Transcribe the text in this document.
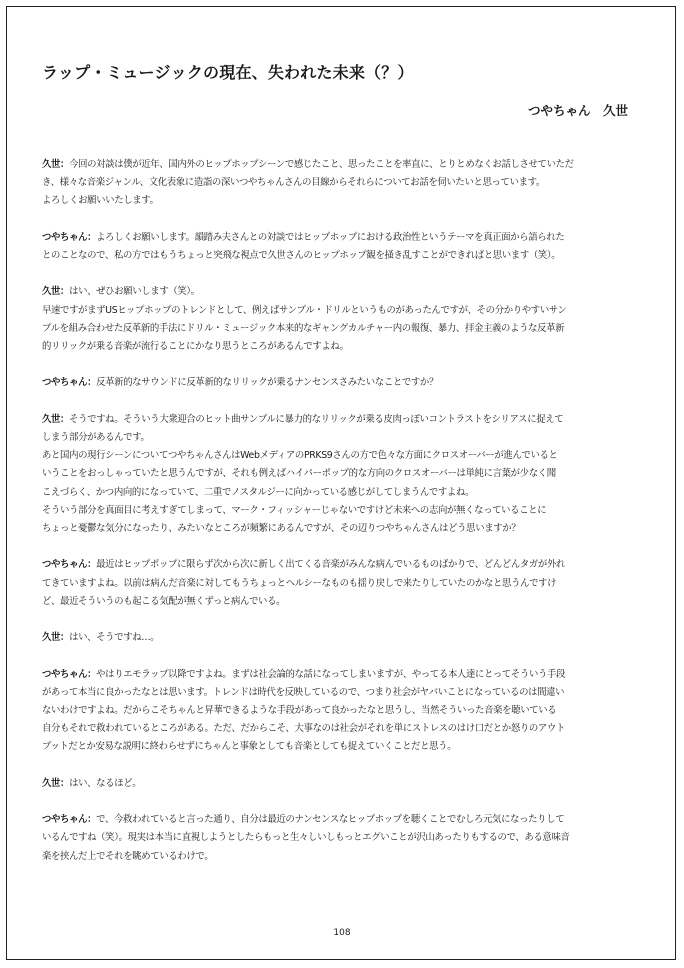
ラップ・ミュージックの現在、失われた未来（？）

つやちゃん　久世

久世：今回の対談は僕が近年、国内外のヒップホップシーンで感じたこと、思ったことを率直に、とりとめなくお話しさせていただ
き、様々な音楽ジャンル、文化表象に造詣の深いつやちゃんさんの目線からそれらについてお話を伺いたいと思っています。
よろしくお願いいたします。

つやちゃん：よろしくお願いします。韻踏み夫さんとの対談ではヒップホップにおける政治性というテーマを真正面から語られた
とのことなので、私の方ではもうちょっと突飛な視点で久世さんのヒップホップ観を掻き乱すことができればと思います（笑）。

久世：はい、ぜひお願いします（笑）。
早速ですがまずUSヒップホップのトレンドとして、例えばサンプル・ドリルというものがあったんですが、その分かりやすいサン
プルを組み合わせた反革新的手法にドリル・ミュージック本来的なギャングカルチャー内の報復、暴力、拝金主義のような反革新
的リリックが乗る音楽が流行ることにかなり思うところがあるんですよね。

つやちゃん：反革新的なサウンドに反革新的なリリックが乗るナンセンスさみたいなことですか？

久世：そうですね。そういう大衆迎合のヒット曲サンプルに暴力的なリリックが乗る皮肉っぽいコントラストをシリアスに捉えて
しまう部分があるんです。
あと国内の現行シーンについてつやちゃんさんはWebメディアのPRKS9さんの方で色々な方面にクロスオーバーが進んでいると
いうことをおっしゃっていたと思うんですが、それも例えばハイパーポップ的な方向のクロスオーバーは単純に言葉が少なく聞
こえづらく、かつ内向的になっていて、二重でノスタルジーに向かっている感じがしてしまうんですよね。
そういう部分を真面目に考えすぎてしまって、マーク・フィッシャーじゃないですけど未来への志向が無くなっていることに
ちょっと憂鬱な気分になったり、みたいなところが頻繁にあるんですが、その辺りつやちゃんさんはどう思いますか？

つやちゃん：最近はヒップポップに限らず次から次に新しく出てくる音楽がみんな病んでいるものばかりで、どんどんタガが外れ
てきていますよね。以前は病んだ音楽に対してもうちょっとヘルシーなものも揺り戻しで来たりしていたのかなと思うんですけ
ど、最近そういうのも起こる気配が無くずっと病んでいる。

久世：はい、そうですね…。

つやちゃん：やはりエモラップ以降ですよね。まずは社会論的な話になってしまいますが、やってる本人達にとってそういう手段
があって本当に良かったなとは思います。トレンドは時代を反映しているので、つまり社会がヤバいことになっているのは間違い
ないわけですよね。だからこそちゃんと昇華できるような手段があって良かったなと思うし、当然そういった音楽を聴いている
自分もそれで救われているところがある。ただ、だからこそ、大事なのは社会がそれを単にストレスのはけ口だとか怒りのアウト
プットだとか安易な説明に終わらせずにちゃんと事象としても音楽としても捉えていくことだと思う。

久世：はい、なるほど。

つやちゃん：で、今救われていると言った通り、自分は最近のナンセンスなヒップホップを聴くことでむしろ元気になったりして
いるんですね（笑）。現実は本当に直視しようとしたらもっと生々しいしもっとエグいことが沢山あったりもするので、ある意味音
楽を挟んだ上でそれを眺めているわけで。

108
